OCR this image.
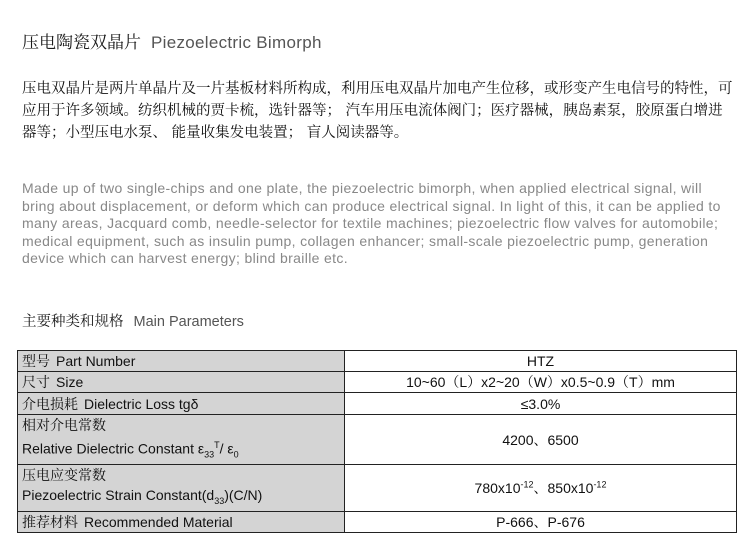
压电陶瓷双晶片 Piezoelectric Bimorph
压电双晶片是两片单晶片及一片基板材料所构成，利用压电双晶片加电产生位移，或形变产生电信号的特性，可应用于许多领域。纺织机械的贾卡梳，选针器等； 汽车用压电流体阀门；医疗器械，胰岛素泵，胶原蛋白增进器等；小型压电水泵、 能量收集发电装置； 盲人阅读器等。
Made up of two single-chips and one plate, the piezoelectric bimorph, when applied electrical signal, will bring about displacement, or deform which can produce electrical signal. In light of this, it can be applied to many areas, Jacquard comb, needle-selector for textile machines; piezoelectric flow valves for automobile; medical equipment, such as insulin pump, collagen enhancer; small-scale piezoelectric pump, generation device which can harvest energy; blind braille etc.
主要种类和规格 Main Parameters
型号 Part Number	HTZ
尺寸 Size	10~60（L）x2~20（W）x0.5~0.9（T）mm
介电损耗 Dielectric Loss tgδ	≤3.0%

相对介电常数
Relative Dielectric Constant $\varepsilon_{33}^T/$ $\varepsilon_0$	4200、6500

压电应变常数
Piezoelectric Strain $Constant(d_{33})(C/N)$	$780x10^{-12}$、$850x10^{-12}$
推荐材料 Recommended Material	P-666、P-676
